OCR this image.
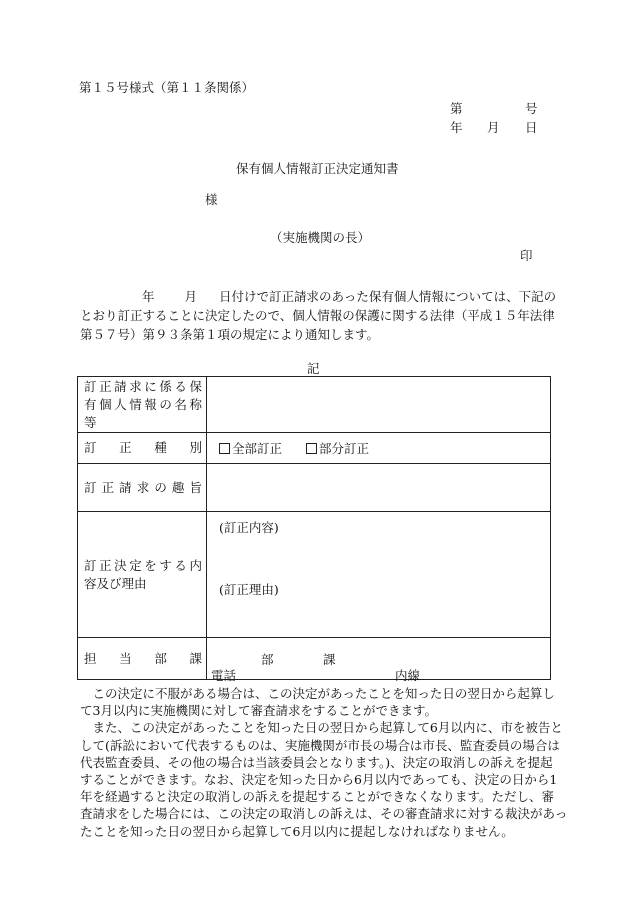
第１５号様式（第１１条関係）
第	号
年 月 日
保有個人情報訂正決定通知書
様
（実施機関の長）
印

年 月 日付けで訂正請求のあった保有個人情報については、下記の

とおり訂正することに決定したので、個人情報の保護に関する法律（平成１５年法律

第５７号）第９３条第１項の規定により通知します。

記
訂正請求に係る保
有個人情報の名称
等	

訂正種別	全部訂正 部分訂正

訂正請求の趣旨	

訂正決定をする内
容及び理由	(訂正内容)
(訂正理由)

担当部課	部 課
電話 内線

　この決定に不服がある場合は、この決定があったことを知った日の翌日から起算し

て3月以内に実施機関に対して審査請求をすることができます。

　また、この決定があったことを知った日の翌日から起算して6月以内に、市を被告と

して(訴訟において代表するものは、実施機関が市長の場合は市長、監査委員の場合は

代表監査委員、その他の場合は当該委員会となります。)、決定の取消しの訴えを提起

することができます。なお、決定を知った日から6月以内であっても、決定の日から1

年を経過すると決定の取消しの訴えを提起することができなくなります。ただし、審

査請求をした場合には、この決定の取消しの訴えは、その審査請求に対する裁決があっ

たことを知った日の翌日から起算して6月以内に提起しなければなりません。
